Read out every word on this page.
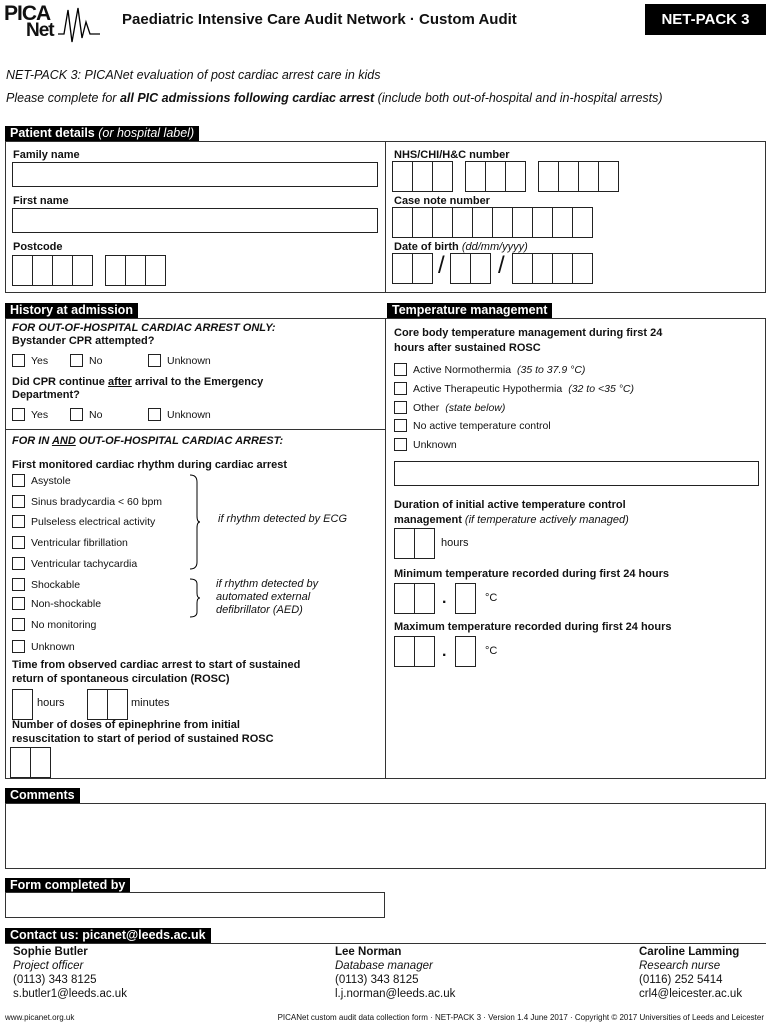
PICA
Net
Paediatric Intensive Care Audit Network · Custom Audit	NET-PACK 3
NET-PACK 3: PICANet evaluation of post cardiac arrest care in kids
Please complete for all PIC admissions following cardiac arrest (include both out-of-hospital and in-hospital arrests)
Patient details (or hospital label)
Family name
First name
Postcode
NHS/CHI/H&C number
Case note number
Date of birth (dd/mm/yyyy)
/ /
History at admission
FOR OUT-OF-HOSPITAL CARDIAC ARREST ONLY:
Bystander CPR attempted?
Yes	No	Unknown
Did CPR continue after arrival to the Emergency
Department?
Yes	No	Unknown
FOR IN AND OUT-OF-HOSPITAL CARDIAC ARREST:
First monitored cardiac rhythm during cardiac arrest
Asystole
Sinus bradycardia < 60 bpm
Pulseless electrical activity
Ventricular fibrillation
Ventricular tachycardia
if rhythm detected by ECG
Shockable
Non-shockable
if rhythm detected by
automated external
defibrillator (AED)
No monitoring
Unknown
Time from observed cardiac arrest to start of sustained
return of spontaneous circulation (ROSC)
hours	minutes
Number of doses of epinephrine from initial
resuscitation to start of period of sustained ROSC
Temperature management
Core body temperature management during first 24
hours after sustained ROSC
Active Normothermia (35 to 37.9 °C)
Active Therapeutic Hypothermia (32 to <35 °C)
Other (state below)
No active temperature control
Unknown
Duration of initial active temperature control
management (if temperature actively managed)
hours
Minimum temperature recorded during first 24 hours
.	°C
Maximum temperature recorded during first 24 hours
.	°C
Comments
Form completed by
Contact us: picanet@leeds.ac.uk
Sophie Butler
Project officer
(0113) 343 8125
s.butler1@leeds.ac.uk
Lee Norman
Database manager
(0113) 343 8125
l.j.norman@leeds.ac.uk
Caroline Lamming
Research nurse
(0116) 252 5414
crl4@leicester.ac.uk
www.picanet.org.uk	PICANet custom audit data collection form · NET-PACK 3 · Version 1.4 June 2017 · Copyright © 2017 Universities of Leeds and Leicester
